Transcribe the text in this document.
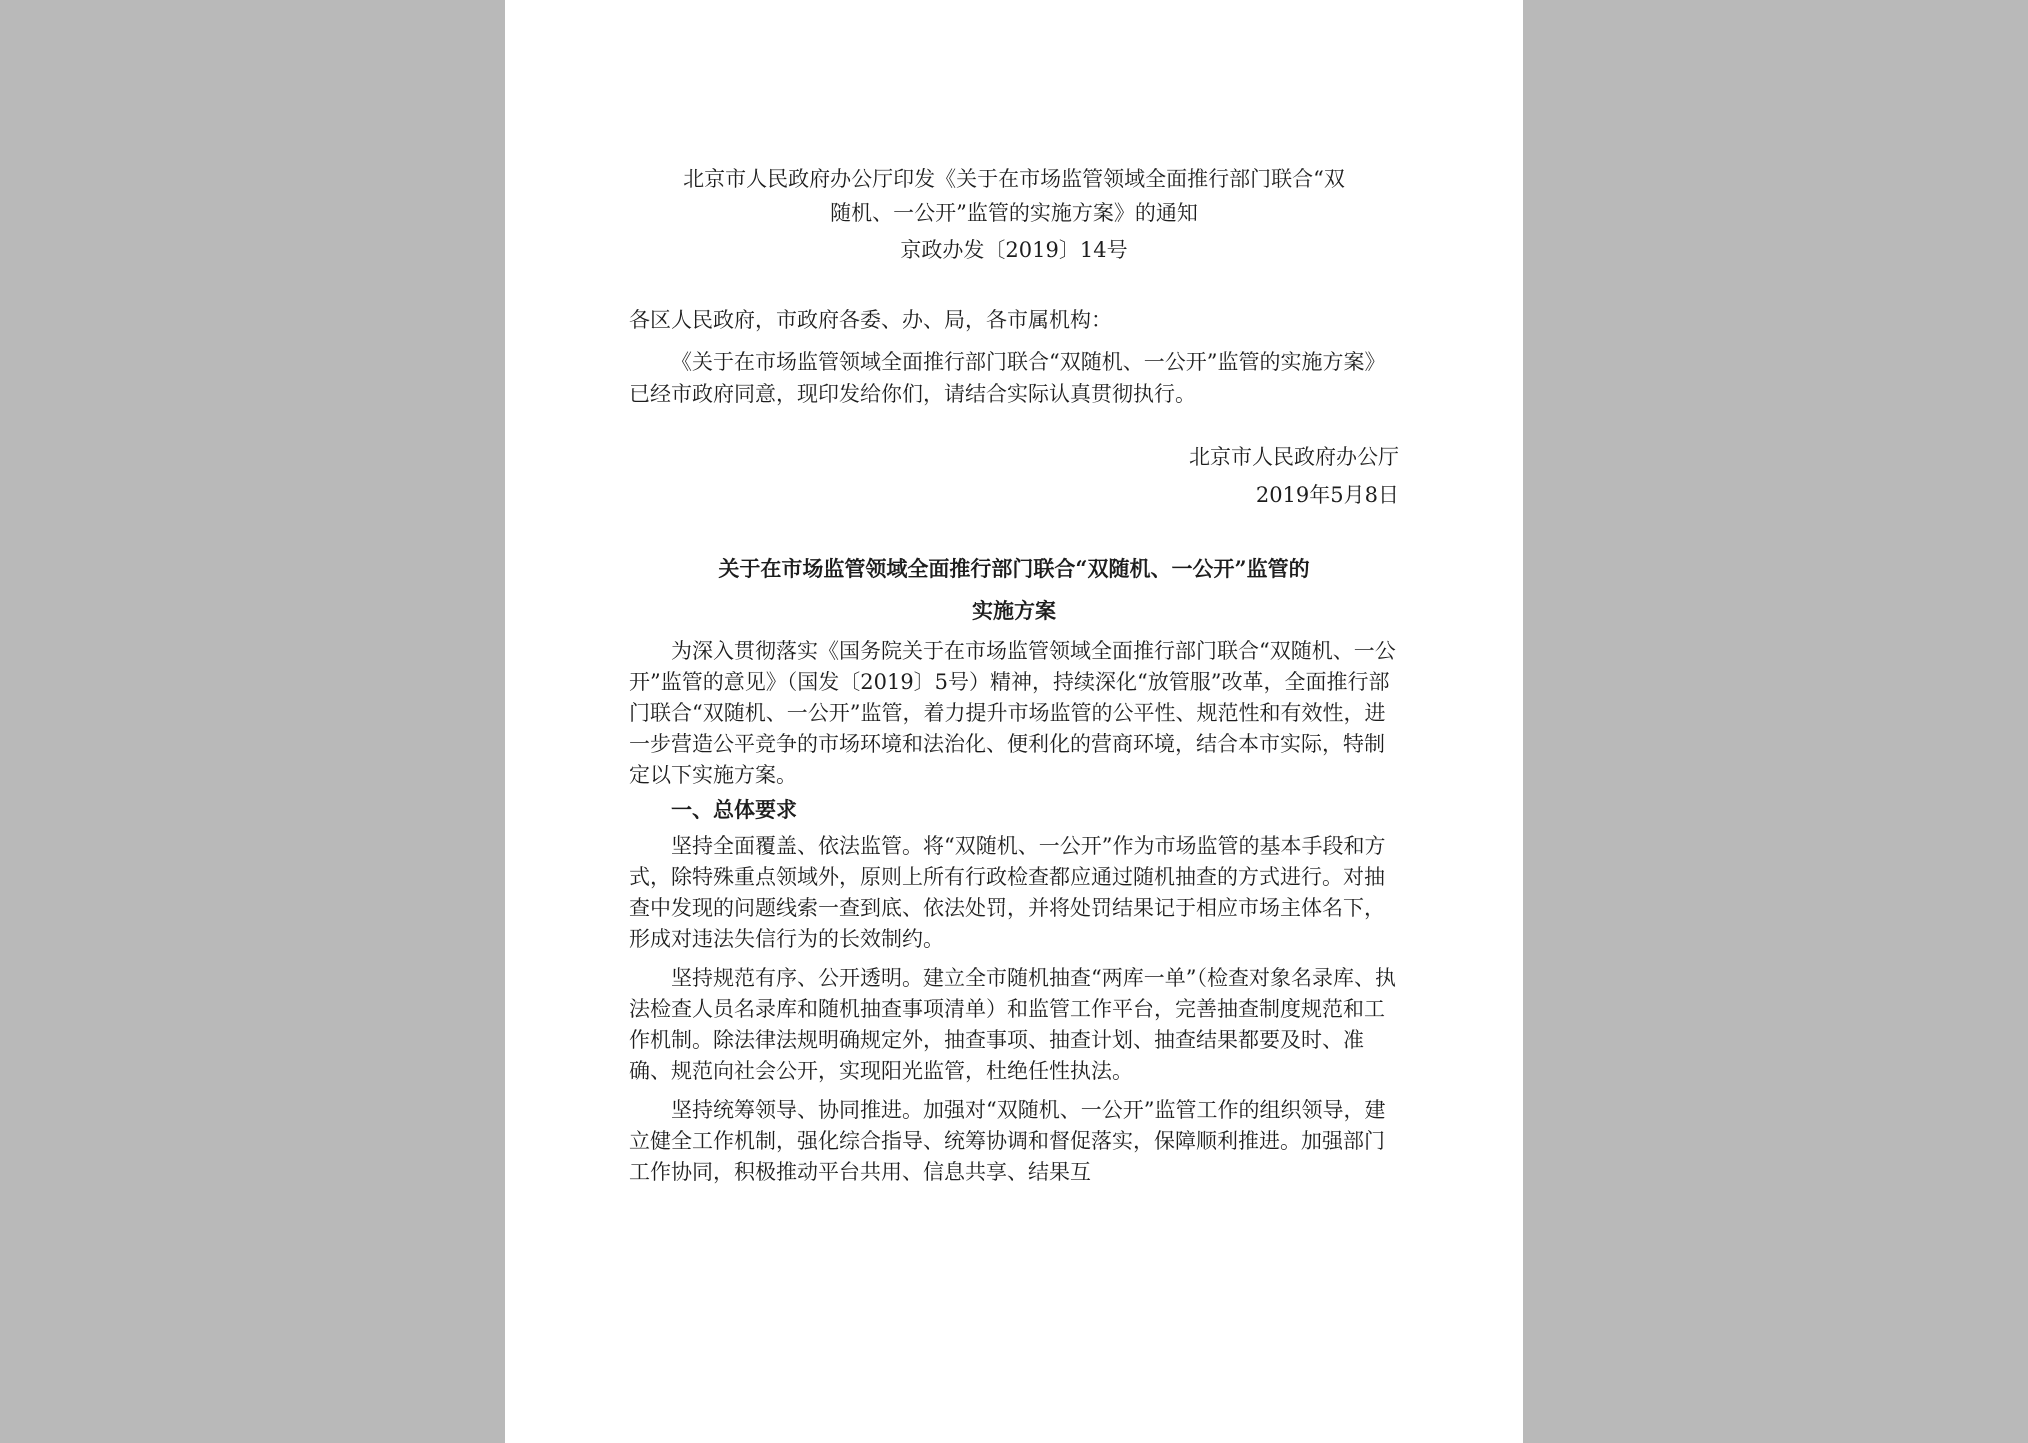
北京市人民政府办公厅印发《关于在市场监管领域全面推行部门联合“双
随机、一公开”监管的实施方案》的通知
京政办发〔2019〕14号
各区人民政府，市政府各委、办、局，各市属机构：
《关于在市场监管领域全面推行部门联合“双随机、一公开”监管的实施方案》已经市政府同意，现印发给你们，请结合实际认真贯彻执行。
北京市人民政府办公厅
2019年5月8日
关于在市场监管领域全面推行部门联合“双随机、一公开”监管的
实施方案
为深入贯彻落实《国务院关于在市场监管领域全面推行部门联合“双随机、一公开”监管的意见》（国发〔2019〕5号）精神，持续深化“放管服”改革，全面推行部门联合“双随机、一公开”监管，着力提升市场监管的公平性、规范性和有效性，进一步营造公平竞争的市场环境和法治化、便利化的营商环境，结合本市实际，特制定以下实施方案。
一、总体要求
坚持全面覆盖、依法监管。将“双随机、一公开”作为市场监管的基本手段和方式，除特殊重点领域外，原则上所有行政检查都应通过随机抽查的方式进行。对抽查中发现的问题线索一查到底、依法处罚，并将处罚结果记于相应市场主体名下，形成对违法失信行为的长效制约。
坚持规范有序、公开透明。建立全市随机抽查“两库一单”（检查对象名录库、执法检查人员名录库和随机抽查事项清单）和监管工作平台，完善抽查制度规范和工作机制。除法律法规明确规定外，抽查事项、抽查计划、抽查结果都要及时、准确、规范向社会公开，实现阳光监管，杜绝任性执法。
坚持统筹领导、协同推进。加强对“双随机、一公开”监管工作的组织领导，建立健全工作机制，强化综合指导、统筹协调和督促落实，保障顺利推进。加强部门工作协同，积极推动平台共用、信息共享、结果互
